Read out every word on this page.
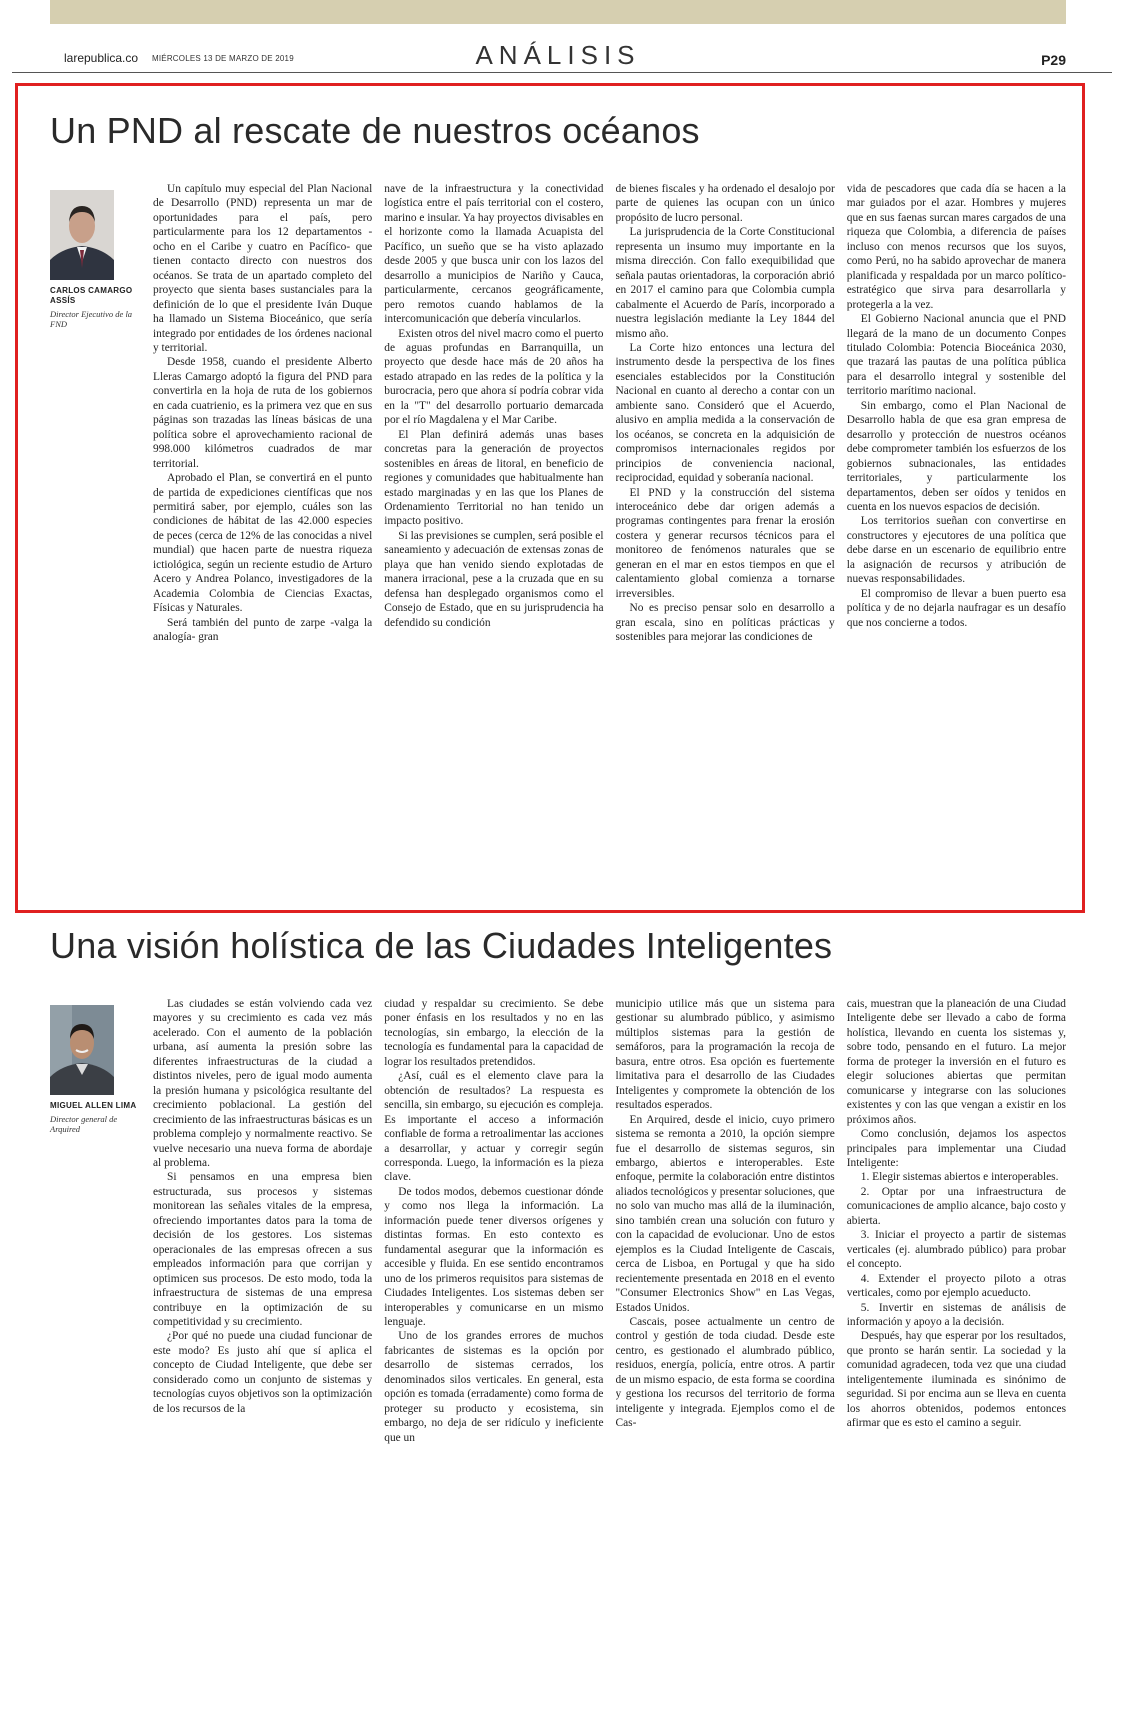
larepublica.co MIÉRCOLES 13 DE MARZO DE 2019	ANÁLISIS	P29
Un PND al rescate de nuestros océanos
CARLOS CAMARGO ASSÍS
Director Ejecutivo de la FND

Un capítulo muy especial del Plan Nacional de Desarrollo (PND) representa un mar de oportunidades para el país, pero particularmente para los 12 departamentos -ocho en el Caribe y cuatro en Pacífico- que tienen contacto directo con nuestros dos océanos. Se trata de un apartado completo del proyecto que sienta bases sustanciales para la definición de lo que el presidente Iván Duque ha llamado un Sistema Bioceánico, que sería integrado por entidades de los órdenes nacional y territorial.

Desde 1958, cuando el presidente Alberto Lleras Camargo adoptó la figura del PND para convertirla en la hoja de ruta de los gobiernos en cada cuatrienio, es la primera vez que en sus páginas son trazadas las líneas básicas de una política sobre el aprovechamiento racional de 998.000 kilómetros cuadrados de mar territorial.

Aprobado el Plan, se convertirá en el punto de partida de expediciones científicas que nos permitirá saber, por ejemplo, cuáles son las condiciones de hábitat de las 42.000 especies de peces (cerca de 12% de las conocidas a nivel mundial) que hacen parte de nuestra riqueza ictiológica, según un reciente estudio de Arturo Acero y Andrea Polanco, investigadores de la Academia Colombia de Ciencias Exactas, Físicas y Naturales.

Será también del punto de zarpe -valga la analogía- gran

nave de la infraestructura y la conectividad logística entre el país territorial con el costero, marino e insular. Ya hay proyectos divisables en el horizonte como la llamada Acuapista del Pacífico, un sueño que se ha visto aplazado desde 2005 y que busca unir con los lazos del desarrollo a municipios de Nariño y Cauca, particularmente, cercanos geográficamente, pero remotos cuando hablamos de la intercomunicación que debería vincularlos.

Existen otros del nivel macro como el puerto de aguas profundas en Barranquilla, un proyecto que desde hace más de 20 años ha estado atrapado en las redes de la política y la burocracia, pero que ahora sí podría cobrar vida en la "T" del desarrollo portuario demarcada por el río Magdalena y el Mar Caribe.

El Plan definirá además unas bases concretas para la generación de proyectos sostenibles en áreas de litoral, en beneficio de regiones y comunidades que habitualmente han estado marginadas y en las que los Planes de Ordenamiento Territorial no han tenido un impacto positivo.

Si las previsiones se cumplen, será posible el saneamiento y adecuación de extensas zonas de playa que han venido siendo explotadas de manera irracional, pese a la cruzada que en su defensa han desplegado organismos como el Consejo de Estado, que en su jurisprudencia ha defendido su condición

de bienes fiscales y ha ordenado el desalojo por parte de quienes las ocupan con un único propósito de lucro personal.

La jurisprudencia de la Corte Constitucional representa un insumo muy importante en la misma dirección. Con fallo exequibilidad que señala pautas orientadoras, la corporación abrió en 2017 el camino para que Colombia cumpla cabalmente el Acuerdo de París, incorporado a nuestra legislación mediante la Ley 1844 del mismo año.

La Corte hizo entonces una lectura del instrumento desde la perspectiva de los fines esenciales establecidos por la Constitución Nacional en cuanto al derecho a contar con un ambiente sano. Consideró que el Acuerdo, alusivo en amplia medida a la conservación de los océanos, se concreta en la adquisición de compromisos internacionales regidos por principios de conveniencia nacional, reciprocidad, equidad y soberanía nacional.

El PND y la construcción del sistema interoceánico debe dar origen además a programas contingentes para frenar la erosión costera y generar recursos técnicos para el monitoreo de fenómenos naturales que se generan en el mar en estos tiempos en que el calentamiento global comienza a tornarse irreversibles.

No es preciso pensar solo en desarrollo a gran escala, sino en políticas prácticas y sostenibles para mejorar las condiciones de

vida de pescadores que cada día se hacen a la mar guiados por el azar. Hombres y mujeres que en sus faenas surcan mares cargados de una riqueza que Colombia, a diferencia de países incluso con menos recursos que los suyos, como Perú, no ha sabido aprovechar de manera planificada y respaldada por un marco político-estratégico que sirva para desarrollarla y protegerla a la vez.

El Gobierno Nacional anuncia que el PND llegará de la mano de un documento Conpes titulado Colombia: Potencia Bioceánica 2030, que trazará las pautas de una política pública para el desarrollo integral y sostenible del territorio marítimo nacional.

Sin embargo, como el Plan Nacional de Desarrollo habla de que esa gran empresa de desarrollo y protección de nuestros océanos debe comprometer también los esfuerzos de los gobiernos subnacionales, las entidades territoriales, y particularmente los departamentos, deben ser oídos y tenidos en cuenta en los nuevos espacios de decisión.

Los territorios sueñan con convertirse en constructores y ejecutores de una política que debe darse en un escenario de equilibrio entre la asignación de recursos y atribución de nuevas responsabilidades.

El compromiso de llevar a buen puerto esa política y de no dejarla naufragar es un desafío que nos concierne a todos.

Una visión holística de las Ciudades Inteligentes
MIGUEL ALLEN LIMA
Director general de Arquired

Las ciudades se están volviendo cada vez mayores y su crecimiento es cada vez más acelerado. Con el aumento de la población urbana, así aumenta la presión sobre las diferentes infraestructuras de la ciudad a distintos niveles, pero de igual modo aumenta la presión humana y psicológica resultante del crecimiento poblacional. La gestión del crecimiento de las infraestructuras básicas es un problema complejo y normalmente reactivo. Se vuelve necesario una nueva forma de abordaje al problema.

Si pensamos en una empresa bien estructurada, sus procesos y sistemas monitorean las señales vitales de la empresa, ofreciendo importantes datos para la toma de decisión de los gestores. Los sistemas operacionales de las empresas ofrecen a sus empleados información para que corrijan y optimicen sus procesos. De esto modo, toda la infraestructura de sistemas de una empresa contribuye en la optimización de su competitividad y su crecimiento.

¿Por qué no puede una ciudad funcionar de este modo? Es justo ahí que sí aplica el concepto de Ciudad Inteligente, que debe ser considerado como un conjunto de sistemas y tecnologías cuyos objetivos son la optimización de los recursos de la

ciudad y respaldar su crecimiento. Se debe poner énfasis en los resultados y no en las tecnologías, sin embargo, la elección de la tecnología es fundamental para la capacidad de lograr los resultados pretendidos.

¿Así, cuál es el elemento clave para la obtención de resultados? La respuesta es sencilla, sin embargo, su ejecución es compleja. Es importante el acceso a información confiable de forma a retroalimentar las acciones a desarrollar, y actuar y corregir según corresponda. Luego, la información es la pieza clave.

De todos modos, debemos cuestionar dónde y como nos llega la información. La información puede tener diversos orígenes y distintas formas. En esto contexto es fundamental asegurar que la información es accesible y fluida. En ese sentido encontramos uno de los primeros requisitos para sistemas de Ciudades Inteligentes. Los sistemas deben ser interoperables y comunicarse en un mismo lenguaje.

Uno de los grandes errores de muchos fabricantes de sistemas es la opción por desarrollo de sistemas cerrados, los denominados silos verticales. En general, esta opción es tomada (erradamente) como forma de proteger su producto y ecosistema, sin embargo, no deja de ser ridículo y ineficiente que un

municipio utilice más que un sistema para gestionar su alumbrado público, y asimismo múltiplos sistemas para la gestión de semáforos, para la programación la recoja de basura, entre otros. Esa opción es fuertemente limitativa para el desarrollo de las Ciudades Inteligentes y compromete la obtención de los resultados esperados.

En Arquired, desde el inicio, cuyo primero sistema se remonta a 2010, la opción siempre fue el desarrollo de sistemas seguros, sin embargo, abiertos e interoperables. Este enfoque, permite la colaboración entre distintos aliados tecnológicos y presentar soluciones, que no solo van mucho mas allá de la iluminación, sino también crean una solución con futuro y con la capacidad de evolucionar. Uno de estos ejemplos es la Ciudad Inteligente de Cascais, cerca de Lisboa, en Portugal y que ha sido recientemente presentada en 2018 en el evento "Consumer Electronics Show" en Las Vegas, Estados Unidos.

Cascais, posee actualmente un centro de control y gestión de toda ciudad. Desde este centro, es gestionado el alumbrado público, residuos, energía, policía, entre otros. A partir de un mismo espacio, de esta forma se coordina y gestiona los recursos del territorio de forma inteligente y integrada. Ejemplos como el de Cas-

cais, muestran que la planeación de una Ciudad Inteligente debe ser llevado a cabo de forma holística, llevando en cuenta los sistemas y, sobre todo, pensando en el futuro. La mejor forma de proteger la inversión en el futuro es elegir soluciones abiertas que permitan comunicarse y integrarse con las soluciones existentes y con las que vengan a existir en los próximos años.

Como conclusión, dejamos los aspectos principales para implementar una Ciudad Inteligente:

1. Elegir sistemas abiertos e interoperables.

2. Optar por una infraestructura de comunicaciones de amplio alcance, bajo costo y abierta.

3. Iniciar el proyecto a partir de sistemas verticales (ej. alumbrado público) para probar el concepto.

4. Extender el proyecto piloto a otras verticales, como por ejemplo acueducto.

5. Invertir en sistemas de análisis de información y apoyo a la decisión.

Después, hay que esperar por los resultados, que pronto se harán sentir. La sociedad y la comunidad agradecen, toda vez que una ciudad inteligentemente iluminada es sinónimo de seguridad. Si por encima aun se lleva en cuenta los ahorros obtenidos, podemos entonces afirmar que es esto el camino a seguir.
